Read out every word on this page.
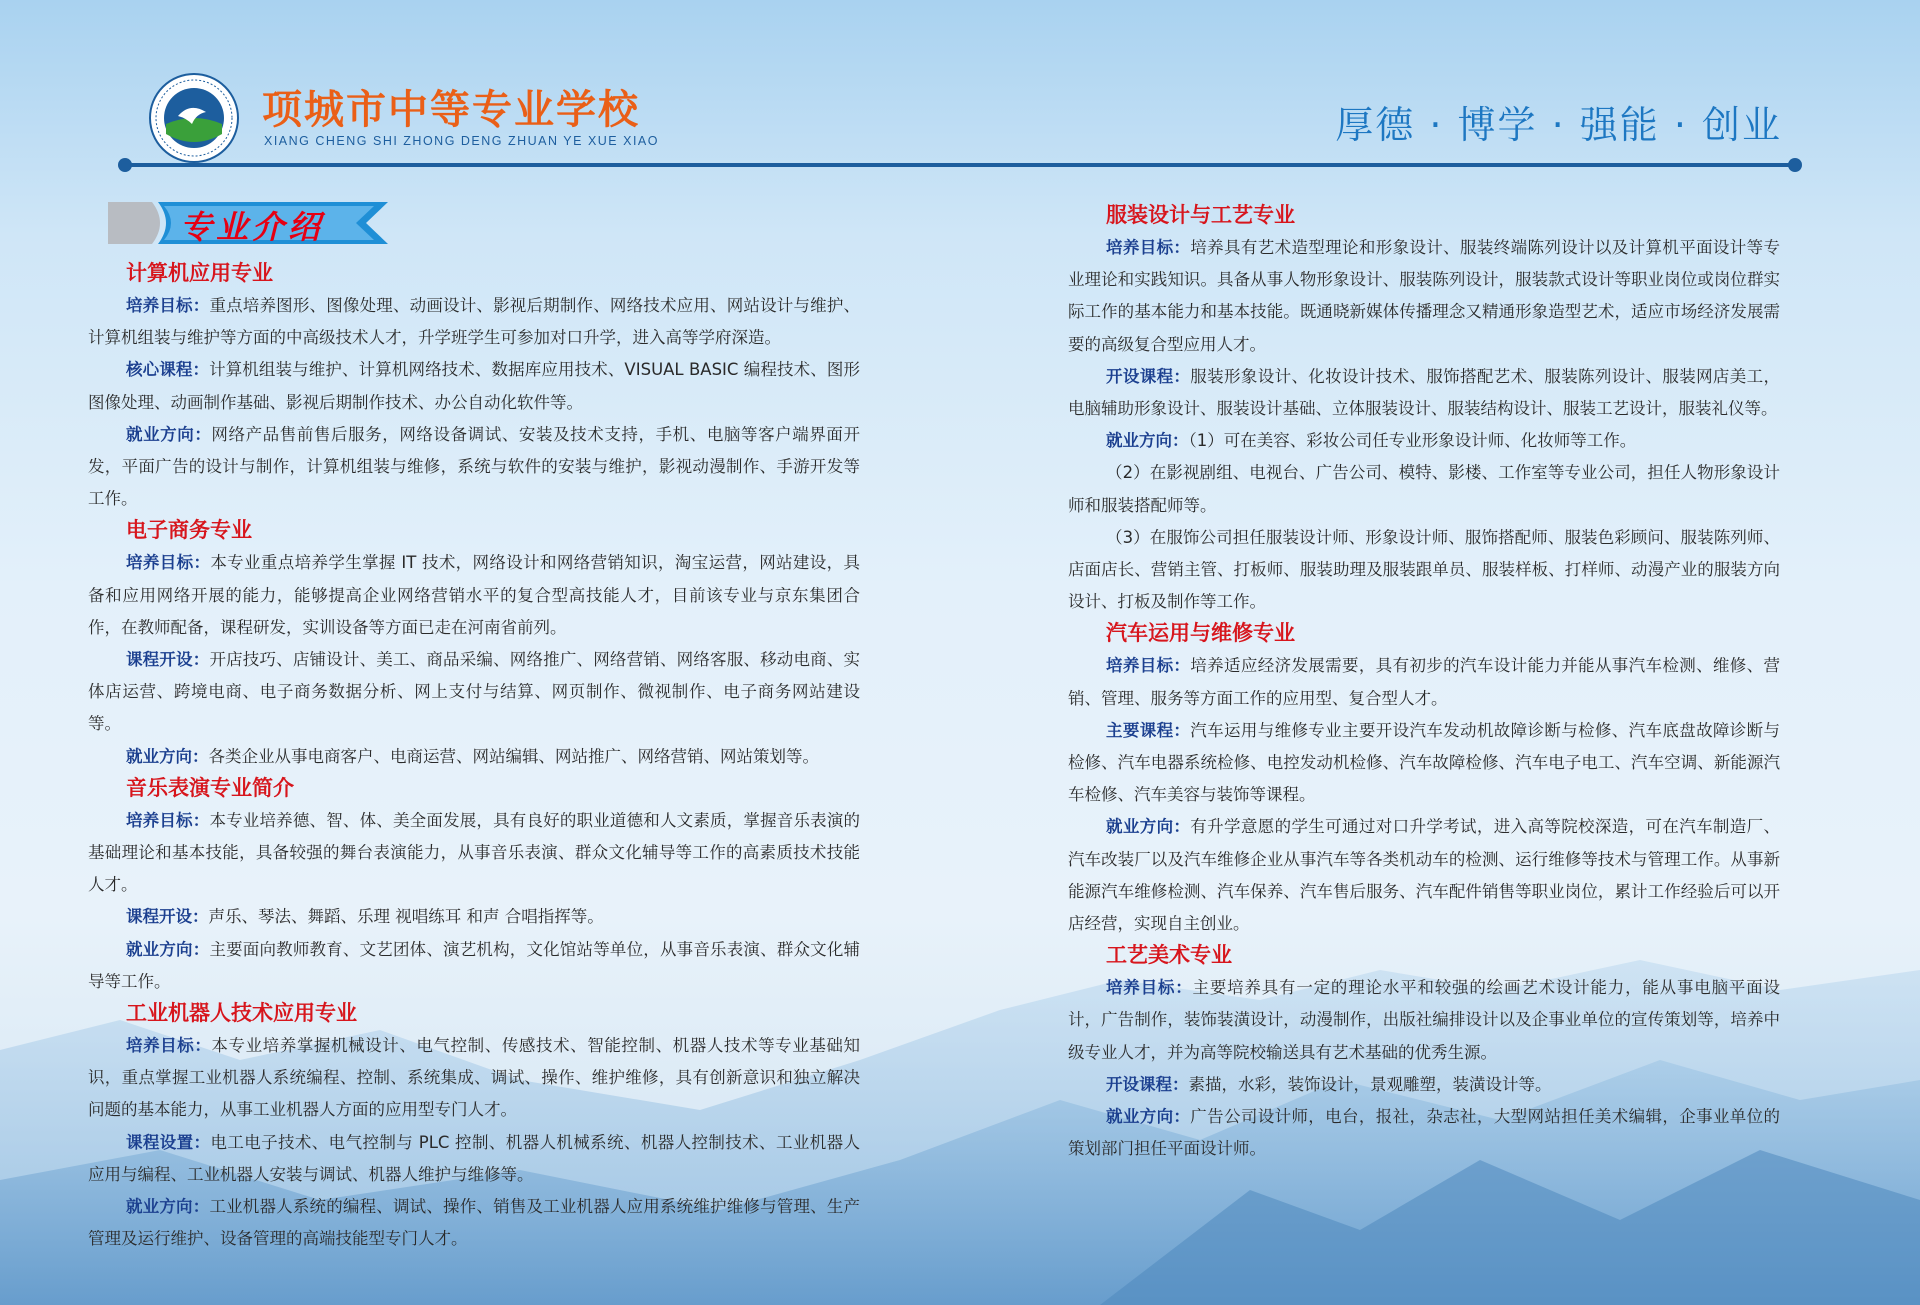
项城市中等专业学校
XIANG CHENG SHI ZHONG DENG ZHUAN YE XUE XIAO	厚德 · 博学 · 强能 · 创业
专业介绍
计算机应用专业

培养目标：重点培养图形、图像处理、动画设计、影视后期制作、网络技术应用、网站设计与维护、计算机组装与维护等方面的中高级技术人才，升学班学生可参加对口升学，进入高等学府深造。

核心课程：计算机组装与维护、计算机网络技术、数据库应用技术、VISUAL BASIC 编程技术、图形图像处理、动画制作基础、影视后期制作技术、办公自动化软件等。

就业方向：网络产品售前售后服务，网络设备调试、安装及技术支持，手机、电脑等客户端界面开发，平面广告的设计与制作，计算机组装与维修，系统与软件的安装与维护，影视动漫制作、手游开发等工作。

电子商务专业

培养目标：本专业重点培养学生掌握 IT 技术，网络设计和网络营销知识，淘宝运营，网站建设，具备和应用网络开展的能力，能够提高企业网络营销水平的复合型高技能人才，目前该专业与京东集团合作，在教师配备，课程研发，实训设备等方面已走在河南省前列。

课程开设：开店技巧、店铺设计、美工、商品采编、网络推广、网络营销、网络客服、移动电商、实体店运营、跨境电商、电子商务数据分析、网上支付与结算、网页制作、微视制作、电子商务网站建设等。

就业方向：各类企业从事电商客户、电商运营、网站编辑、网站推广、网络营销、网站策划等。

音乐表演专业简介

培养目标：本专业培养德、智、体、美全面发展，具有良好的职业道德和人文素质，掌握音乐表演的基础理论和基本技能，具备较强的舞台表演能力，从事音乐表演、群众文化辅导等工作的高素质技术技能人才。

课程开设：声乐、琴法、舞蹈、乐理 视唱练耳 和声 合唱指挥等。

就业方向：主要面向教师教育、文艺团体、演艺机构，文化馆站等单位，从事音乐表演、群众文化辅导等工作。

工业机器人技术应用专业

培养目标：本专业培养掌握机械设计、电气控制、传感技术、智能控制、机器人技术等专业基础知识，重点掌握工业机器人系统编程、控制、系统集成、调试、操作、维护维修，具有创新意识和独立解决问题的基本能力，从事工业机器人方面的应用型专门人才。

课程设置：电工电子技术、电气控制与 PLC 控制、机器人机械系统、机器人控制技术、工业机器人应用与编程、工业机器人安装与调试、机器人维护与维修等。

就业方向：工业机器人系统的编程、调试、操作、销售及工业机器人应用系统维护维修与管理、生产管理及运行维护、设备管理的高端技能型专门人才。

服装设计与工艺专业

培养目标：培养具有艺术造型理论和形象设计、服装终端陈列设计以及计算机平面设计等专业理论和实践知识。具备从事人物形象设计、服装陈列设计，服装款式设计等职业岗位或岗位群实际工作的基本能力和基本技能。既通晓新媒体传播理念又精通形象造型艺术，适应市场经济发展需要的高级复合型应用人才。

开设课程：服装形象设计、化妆设计技术、服饰搭配艺术、服装陈列设计、服装网店美工，电脑辅助形象设计、服装设计基础、立体服装设计、服装结构设计、服装工艺设计，服装礼仪等。

就业方向：（1）可在美容、彩妆公司任专业形象设计师、化妆师等工作。

（2）在影视剧组、电视台、广告公司、模特、影楼、工作室等专业公司，担任人物形象设计师和服装搭配师等。

（3）在服饰公司担任服装设计师、形象设计师、服饰搭配师、服装色彩顾问、服装陈列师、店面店长、营销主管、打板师、服装助理及服装跟单员、服装样板、打样师、动漫产业的服装方向设计、打板及制作等工作。

汽车运用与维修专业

培养目标：培养适应经济发展需要，具有初步的汽车设计能力并能从事汽车检测、维修、营销、管理、服务等方面工作的应用型、复合型人才。

主要课程：汽车运用与维修专业主要开设汽车发动机故障诊断与检修、汽车底盘故障诊断与检修、汽车电器系统检修、电控发动机检修、汽车故障检修、汽车电子电工、汽车空调、新能源汽车检修、汽车美容与装饰等课程。

就业方向：有升学意愿的学生可通过对口升学考试，进入高等院校深造，可在汽车制造厂、汽车改装厂以及汽车维修企业从事汽车等各类机动车的检测、运行维修等技术与管理工作。从事新能源汽车维修检测、汽车保养、汽车售后服务、汽车配件销售等职业岗位，累计工作经验后可以开店经营，实现自主创业。

工艺美术专业

培养目标：主要培养具有一定的理论水平和较强的绘画艺术设计能力，能从事电脑平面设计，广告制作，装饰装潢设计，动漫制作，出版社编排设计以及企事业单位的宣传策划等，培养中级专业人才，并为高等院校输送具有艺术基础的优秀生源。

开设课程：素描，水彩，装饰设计，景观雕塑，装潢设计等。

就业方向：广告公司设计师，电台，报社，杂志社，大型网站担任美术编辑，企事业单位的策划部门担任平面设计师。
